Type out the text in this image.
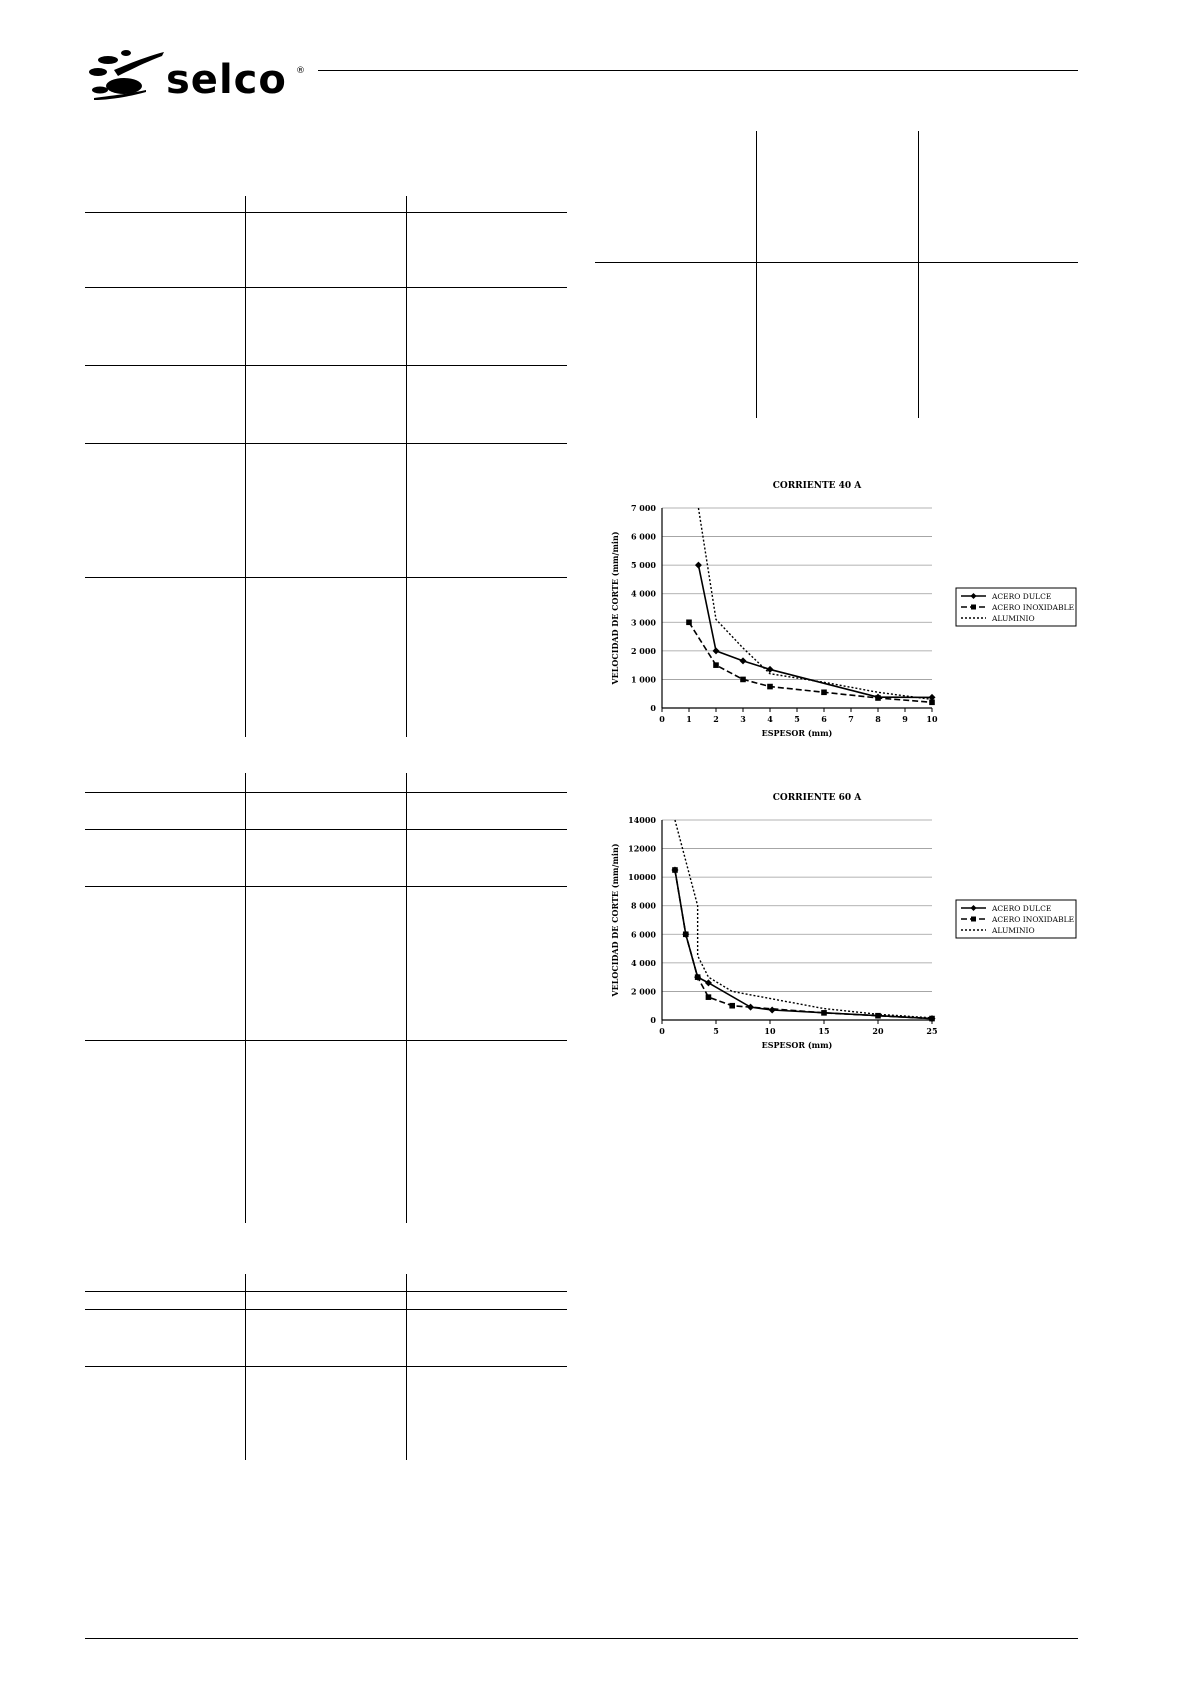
selco ®
CORRIENTE 40 A
0
1 000
2 000
3 000
4 000
5 000
6 000
7 000
0	1	2	3	4	5	6	7	8	9 10
ESPESOR (mm)
VELOCIDAD DE CORTE (mm/min)	ACERO DULCE
ACERO INOXIDABLE
ALUMINIO
CORRIENTE 60 A
0
2 000
4 000
6 000
8 000
10000
12000
14000
0	5	10	15	20	25
ESPESOR (mm)
VELOCIDAD DE CORTE (mm/min)	ACERO DULCE
ACERO INOXIDABLE
ALUMINIO
